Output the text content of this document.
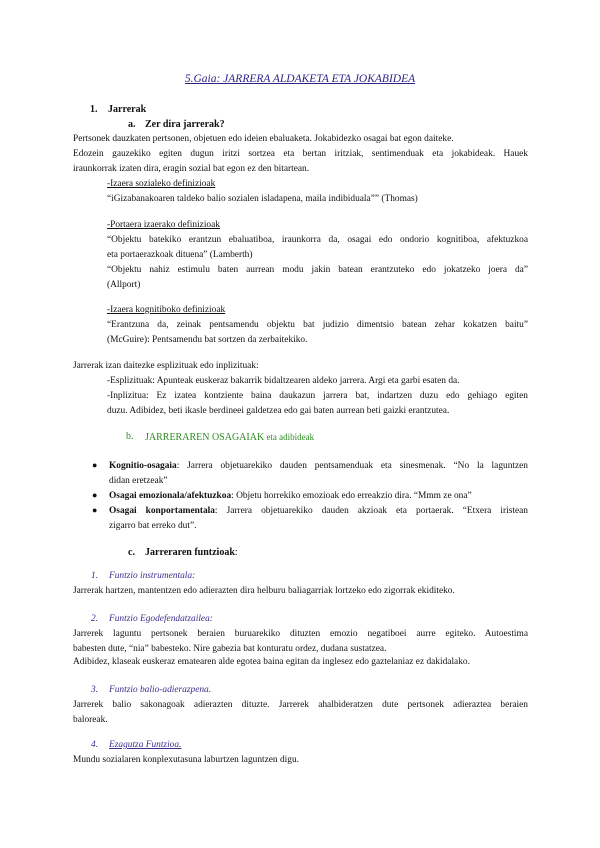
5.Gaia: JARRERA ALDAKETA ETA JOKABIDEA
1. Jarrerak
a. Zer dira jarrerak?
Pertsonek dauzkaten pertsonen, objetuen edo ideien ebaluaketa. Jokabidezko osagai bat egon daiteke.
Edozein gauzekiko egiten dugun iritzi sortzea eta bertan iritziak, sentimenduak eta jokabideak. Hauek
iraunkorrak izaten dira, eragin sozial bat egon ez den bitartean.
-Izaera sozialeko definizioak
“iGizabanakoaren taldeko balio sozialen isladapena, maila indibiduala”” (Thomas)
-Portaera izaerako definizioak
“Objektu batekiko erantzun ebaluatiboa, iraunkorra da, osagai edo ondorio kognitiboa, afektuzkoa
eta portaerazkoak dituena” (Lamberth)
“Objektu nahiz estimulu baten aurrean modu jakin batean erantzuteko edo jokatzeko joera da”
(Allport)
-Izaera kognitiboko definizioak
“Erantzuna da, zeinak pentsamendu objektu bat judizio dimentsio batean zehar kokatzen baitu”
(McGuire): Pentsamendu bat sortzen da zerbaitekiko.
Jarrerak izan daitezke esplizituak edo inplizituak:
-Esplizituak: Apunteak euskeraz bakarrik bidaltzearen aldeko jarrera. Argi eta garbi esaten da.
-Inplizitua: Ez izatea kontziente baina daukazun jarrera bat, indartzen duzu edo gehiago egiten
duzu. Adibidez, beti ikasle berdineei galdetzea edo gai baten aurrean beti gaizki erantzutea.
b. JARRERAREN OSAGAIAK eta adibideak
● Kognitio-osagaia: Jarrera objetuarekiko dauden pentsamenduak eta sinesmenak. “No la laguntzen
didan eretzeak”
● Osagai emozionala/afektuzkoa: Objetu horrekiko emozioak edo erreakzio dira. “Mmm ze ona”
● Osagai konportamentala: Jarrera objetuarekiko dauden akzioak eta portaerak. “Etxera iristean
zigarro bat erreko dut”.
c. Jarreraren funtzioak:
1. Funtzio instrumentala:
Jarrerak hartzen, mantentzen edo adierazten dira helburu baliagarriak lortzeko edo zigorrak ekiditeko.
2. Funtzio Egodefendatzailea:
Jarrerek laguntu pertsonek beraien buruarekiko dituzten emozio negatiboei aurre egiteko. Autoestima
babesten dute, “nia” babesteko. Nire gabezia bat konturatu ordez, dudana sustatzea.
Adibidez, klaseak euskeraz ematearen alde egotea baina egitan da inglesez edo gaztelaniaz ez dakidalako.
3. Funtzio balio-adierazpena.
Jarrerek balio sakonagoak adierazten dituzte. Jarrerek ahalbideratzen dute pertsonek adieraztea beraien
baloreak.
4. Ezagutza Funtzioa.
Mundu sozialaren konplexutasuna laburtzen laguntzen digu.
